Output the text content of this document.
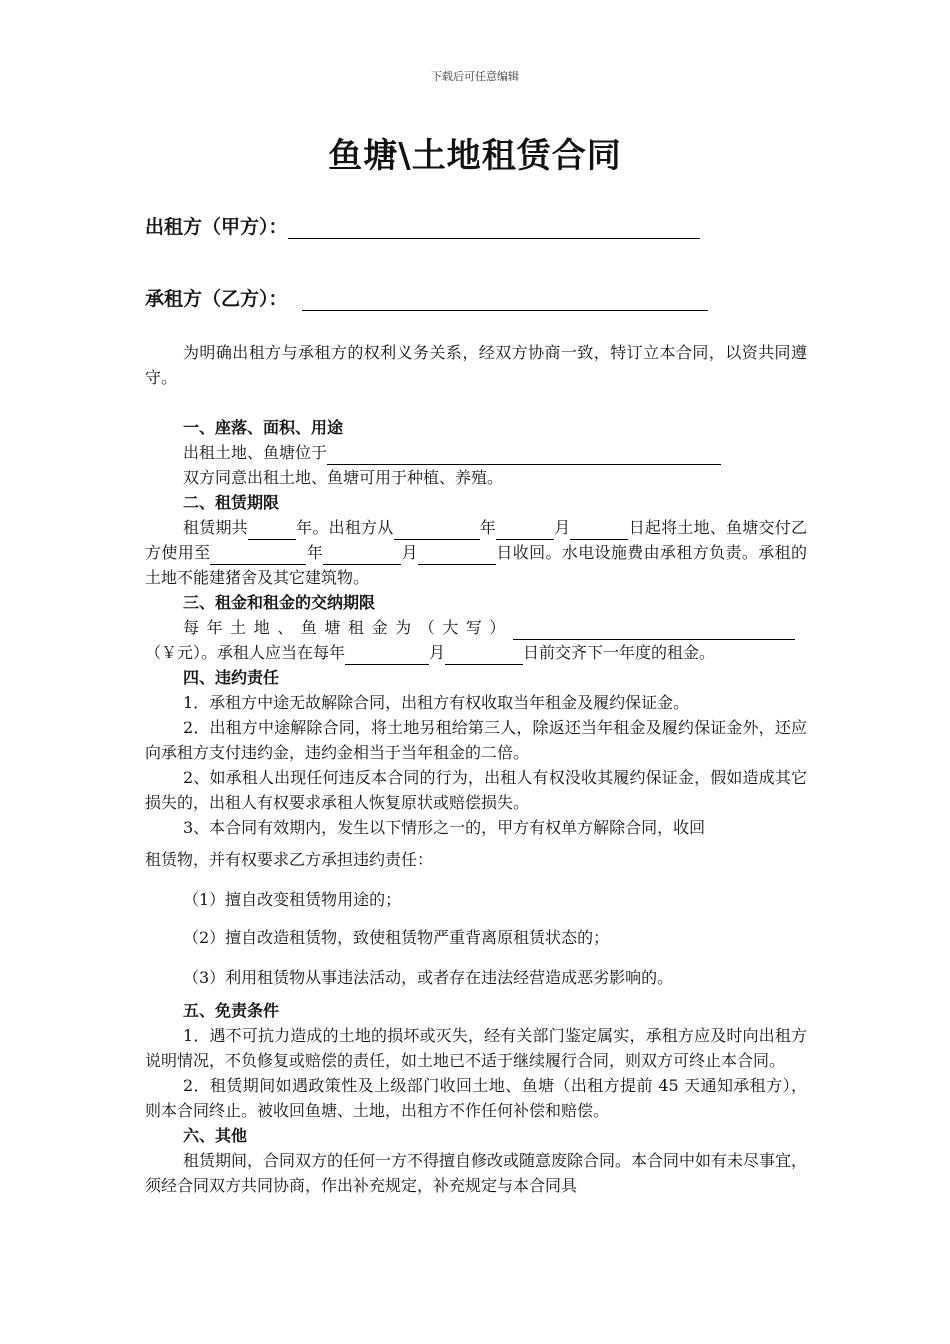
下载后可任意编辑
鱼塘\土地租赁合同
出租方（甲方）：
承租方（乙方）：

为明确出租方与承租方的权利义务关系，经双方协商一致，特订立本合同，以资共同遵守。

一、座落、面积、用途

出租土地、鱼塘位于

双方同意出租土地、鱼塘可用于种植、养殖。

二、租赁期限

租赁期共	年。出租方从	年	月	日起将土地、鱼塘交付乙方使用至	年	月	日收回。水电设施费由承租方负责。承租的土地不能建猪舍及其它建筑物。

三、租金和租金的交纳期限

每年土地、鱼塘租金为（大写）（￥元）。承租人应当在每年	月	日前交齐下一年度的租金。

四、违约责任

1．承租方中途无故解除合同，出租方有权收取当年租金及履约保证金。

2．出租方中途解除合同，将土地另租给第三人，除返还当年租金及履约保证金外，还应向承租方支付违约金，违约金相当于当年租金的二倍。

2、如承租人出现任何违反本合同的行为，出租人有权没收其履约保证金，假如造成其它损失的，出租人有权要求承租人恢复原状或赔偿损失。

3、本合同有效期内，发生以下情形之一的，甲方有权单方解除合同，收回

租赁物，并有权要求乙方承担违约责任：

（1）擅自改变租赁物用途的；

（2）擅自改造租赁物，致使租赁物严重背离原租赁状态的；

（3）利用租赁物从事违法活动，或者存在违法经营造成恶劣影响的。

五、免责条件

1．遇不可抗力造成的土地的损坏或灭失，经有关部门鉴定属实，承租方应及时向出租方说明情况，不负修复或赔偿的责任，如土地已不适于继续履行合同，则双方可终止本合同。

2．租赁期间如遇政策性及上级部门收回土地、鱼塘（出租方提前 45 天通知承租方），则本合同终止。被收回鱼塘、土地，出租方不作任何补偿和赔偿。

六、其他

租赁期间，合同双方的任何一方不得擅自修改或随意废除合同。本合同中如有未尽事宜，须经合同双方共同协商，作出补充规定，补充规定与本合同具
